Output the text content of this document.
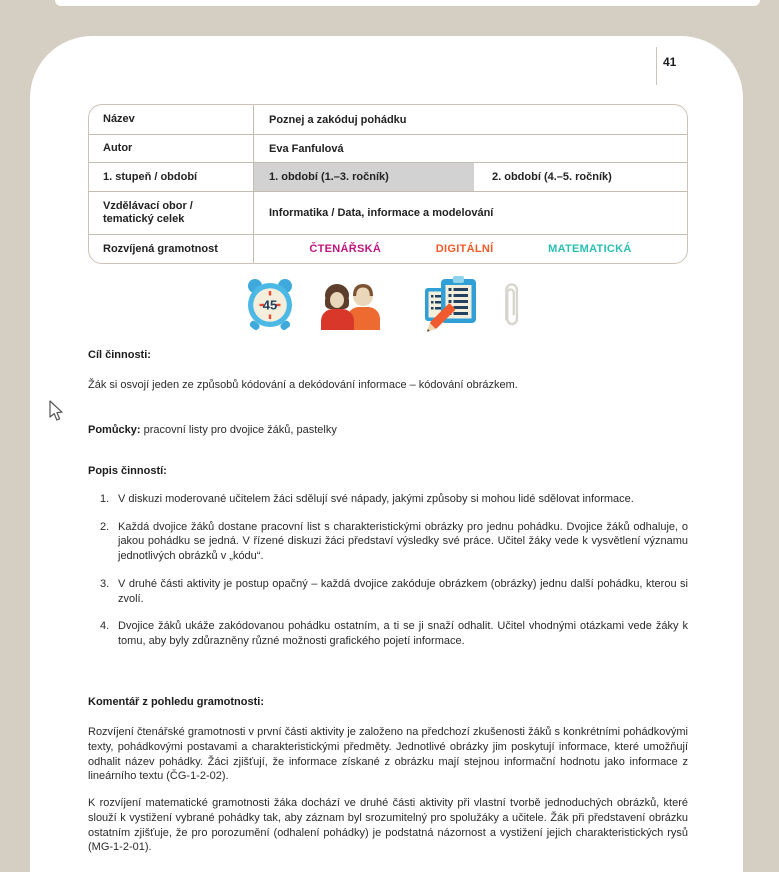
41
Název	Poznej a zakóduj pohádku
Autor	Eva Fanfulová
1. stupeň / období	1. období (1.–3. ročník)	2. období (4.–5. ročník)
Vzdělávací obor / tematický celek	Informatika / Data, informace a modelování
Rozvíjená gramotnost	ČTENÁŘSKÁ	DIGITÁLNÍ	MATEMATICKÁ
45
Cíl činnosti:
Žák si osvojí jeden ze způsobů kódování a dekódování informace – kódování obrázkem.
Pomůcky: pracovní listy pro dvojice žáků, pastelky
Popis činností:
1. V diskuzi moderované učitelem žáci sdělují své nápady, jakými způsoby si mohou lidé sdělovat informace.
2. Každá dvojice žáků dostane pracovní list s charakteristickými obrázky pro jednu pohádku. Dvojice žáků odhaluje, o jakou pohádku se jedná. V řízené diskuzi žáci představí výsledky své práce. Učitel žáky vede k vysvětlení významu jednotlivých obrázků v „kódu“.
3. V druhé části aktivity je postup opačný – každá dvojice zakóduje obrázkem (obrázky) jednu další pohádku, kterou si zvolí.
4. Dvojice žáků ukáže zakódovanou pohádku ostatním, a ti se ji snaží odhalit. Učitel vhodnými otázkami vede žáky k tomu, aby byly zdůrazněny různé možnosti grafického pojetí informace.
Komentář z pohledu gramotnosti:
Rozvíjení čtenářské gramotnosti v první části aktivity je založeno na předchozí zkušenosti žáků s konkrétními pohádkovými texty, pohádkovými postavami a charakteristickými předměty. Jednotlivé obrázky jim poskytují informace, které umožňují odhalit název pohádky. Žáci zjišťují, že informace získané z obrázku mají stejnou informační hodnotu jako informace z lineárního textu (ČG-1-2-02).
K rozvíjení matematické gramotnosti žáka dochází ve druhé části aktivity při vlastní tvorbě jednoduchých obrázků, které slouží k vystižení vybrané pohádky tak, aby záznam byl srozumitelný pro spolužáky a učitele. Žák při představení obrázku ostatním zjišťuje, že pro porozumění (odhalení pohádky) je podstatná názornost a vystižení jejich charakteristických rysů (MG-1-2-01).
